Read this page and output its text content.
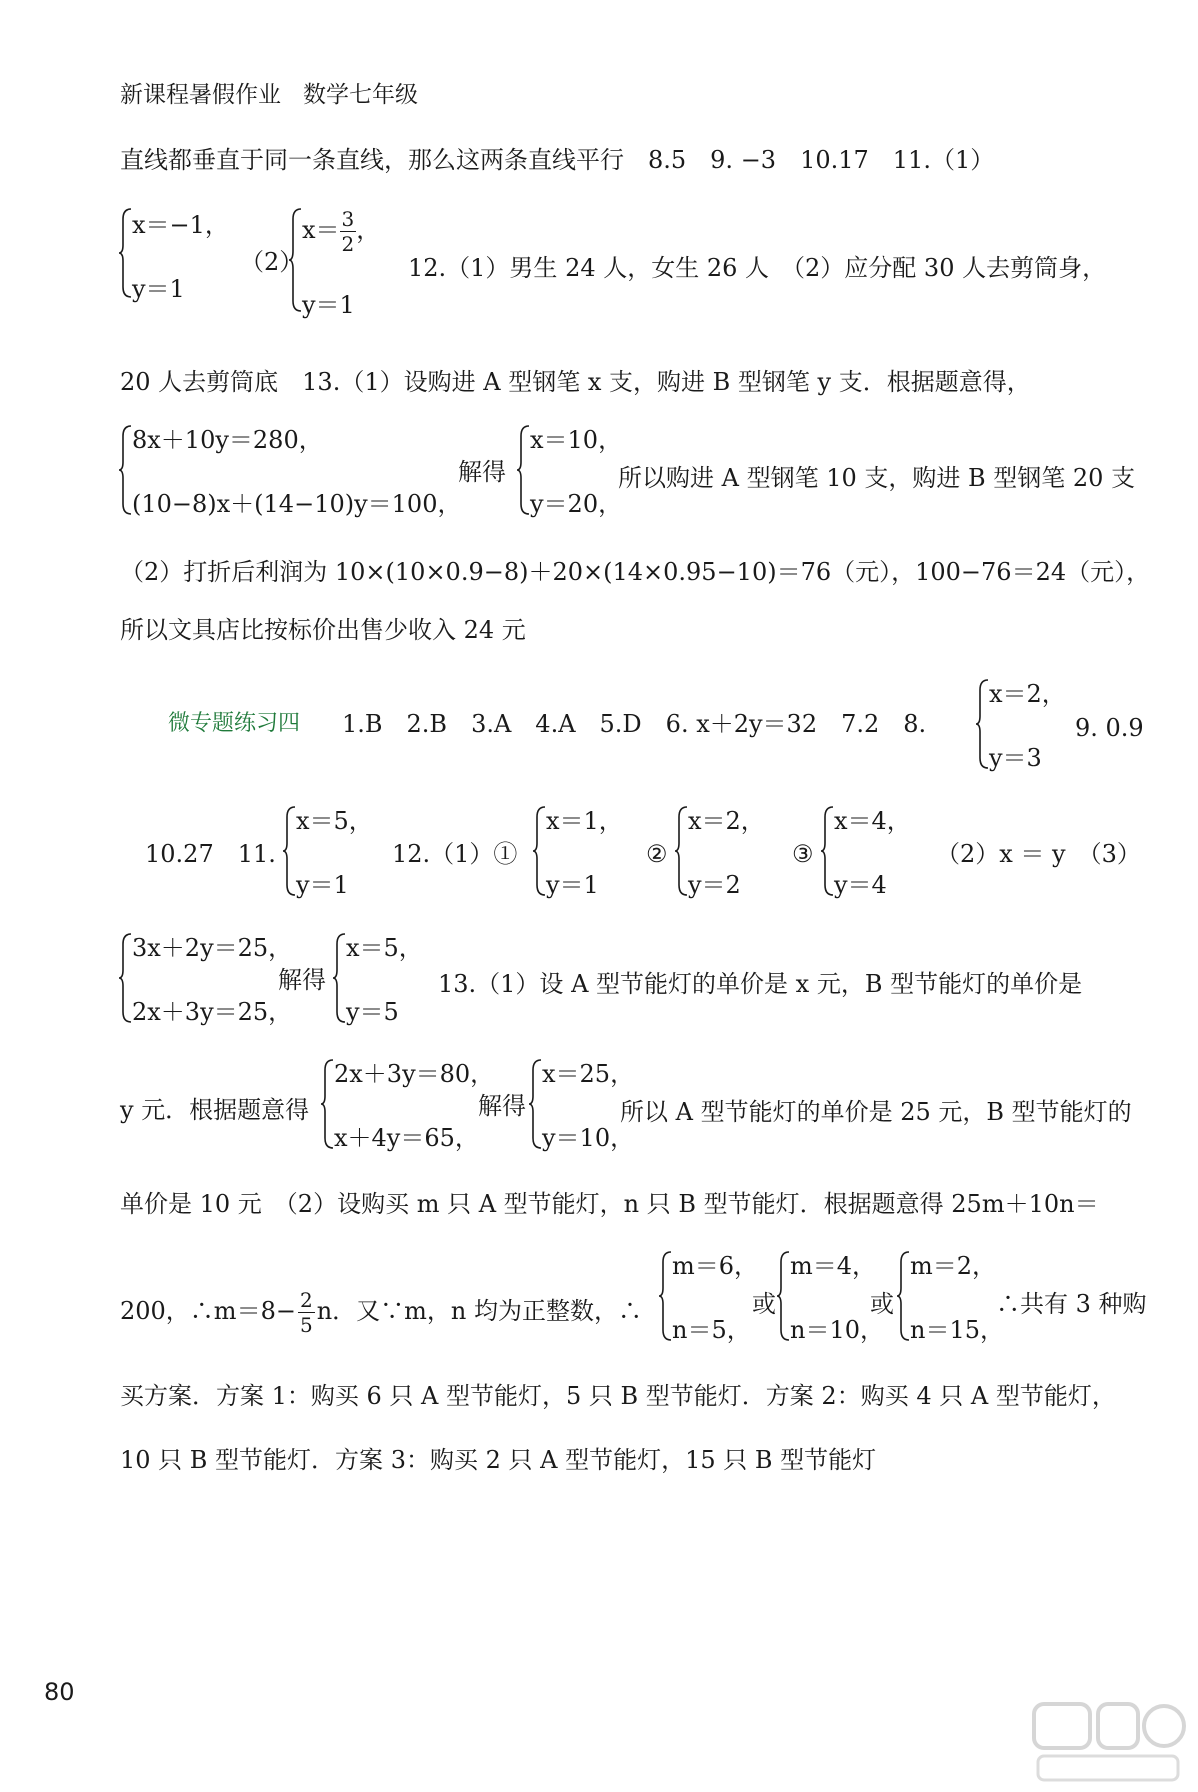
新课程暑假作业 数学七年级
直线都垂直于同一条直线，那么这两条直线平行　8.5　9. −3　10.17　11.（1）
x＝−1，
y＝1
（2）
$x= \frac{3}{2}$ ，
y＝1
12.（1）男生 24 人，女生 26 人　（2）应分配 30 人去剪筒身，
20 人去剪筒底　13.（1）设购进 A 型钢笔 x 支，购进 B 型钢笔 y 支．根据题意得，
8x＋10y＝280，
(10−8)x＋(14−10)y＝100，
解得
x＝10，
y＝20，
所以购进 A 型钢笔 10 支，购进 B 型钢笔 20 支
（2）打折后利润为 10×(10×0.9−8)＋20×(14×0.95−10)＝76（元），100−76＝24（元），
所以文具店比按标价出售少收入 24 元
微专题练习四 1.B　2.B　3.A　4.A　5.D　6. x＋2y＝32　7.2　8.
x＝2，
y＝3
9. 0.9
10.27　11.
x＝5，
y＝1
12.（1）①
x＝1，
y＝1
②
x＝2，
y＝2
③
x＝4，
y＝4
（2）x ＝ y　（3）
3x＋2y＝25，
2x＋3y＝25，
解得
x＝5，
y＝5
13.（1）设 A 型节能灯的单价是 x 元，B 型节能灯的单价是
y 元．根据题意得
2x＋3y＝80，
x＋4y＝65，
解得
x＝25，
y＝10，
所以 A 型节能灯的单价是 25 元，B 型节能灯的
单价是 10 元　（2）设购买 m 只 A 型节能灯，n 只 B 型节能灯．根据题意得 25m＋10n＝
200，∴m＝8− $\frac{2}{5}$ n．又∵m，n 均为正整数，∴
m＝6，
n＝5，
或
m＝4，
n＝10，
或
m＝2，
n＝15，
∴共有 3 种购
买方案．方案 1：购买 6 只 A 型节能灯，5 只 B 型节能灯．方案 2：购买 4 只 A 型节能灯，
10 只 B 型节能灯．方案 3：购买 2 只 A 型节能灯，15 只 B 型节能灯
80
